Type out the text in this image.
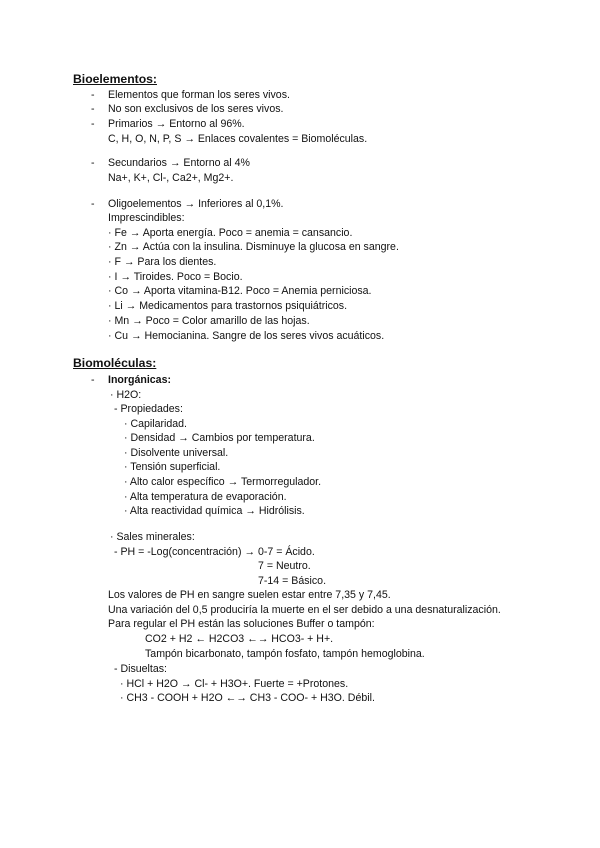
Bioelementos:
- Elementos que forman los seres vivos.
- No son exclusivos de los seres vivos.
- Primarios → Entorno al 96%.
C, H, O, N, P, S → Enlaces covalentes = Biomoléculas.
- Secundarios → Entorno al 4%
Na+, K+, Cl-, Ca2+, Mg2+.
- Oligoelementos → Inferiores al 0,1%.
Imprescindibles:
· Fe → Aporta energía. Poco = anemia = cansancio.
· Zn → Actúa con la insulina. Disminuye la glucosa en sangre.
· F → Para los dientes.
· I → Tiroides. Poco = Bocio.
· Co → Aporta vitamina-B12. Poco = Anemia perniciosa.
· Li → Medicamentos para trastornos psiquiátricos.
· Mn → Poco = Color amarillo de las hojas.
· Cu → Hemocianina. Sangre de los seres vivos acuáticos.
Biomoléculas:
- Inorgánicas:
· H2O:
- Propiedades:
· Capilaridad.
· Densidad → Cambios por temperatura.
· Disolvente universal.
· Tensión superficial.
· Alto calor específico → Termorregulador.
· Alta temperatura de evaporación.
· Alta reactividad química → Hidrólisis.
· Sales minerales:
- PH = -Log(concentración) → 0-7 = Ácido.
7 = Neutro.
7-14 = Básico.
Los valores de PH en sangre suelen estar entre 7,35 y 7,45.
Una variación del 0,5 produciría la muerte en el ser debido a una desnaturalización.
Para regular el PH están las soluciones Buffer o tampón:
CO2 + H2 ← H2CO3 ←→ HCO3- + H+.
Tampón bicarbonato, tampón fosfato, tampón hemoglobina.
- Disueltas:
· HCl + H2O → Cl- + H3O+. Fuerte = +Protones.
· CH3 - COOH + H2O ←→ CH3 - COO- + H3O. Débil.
